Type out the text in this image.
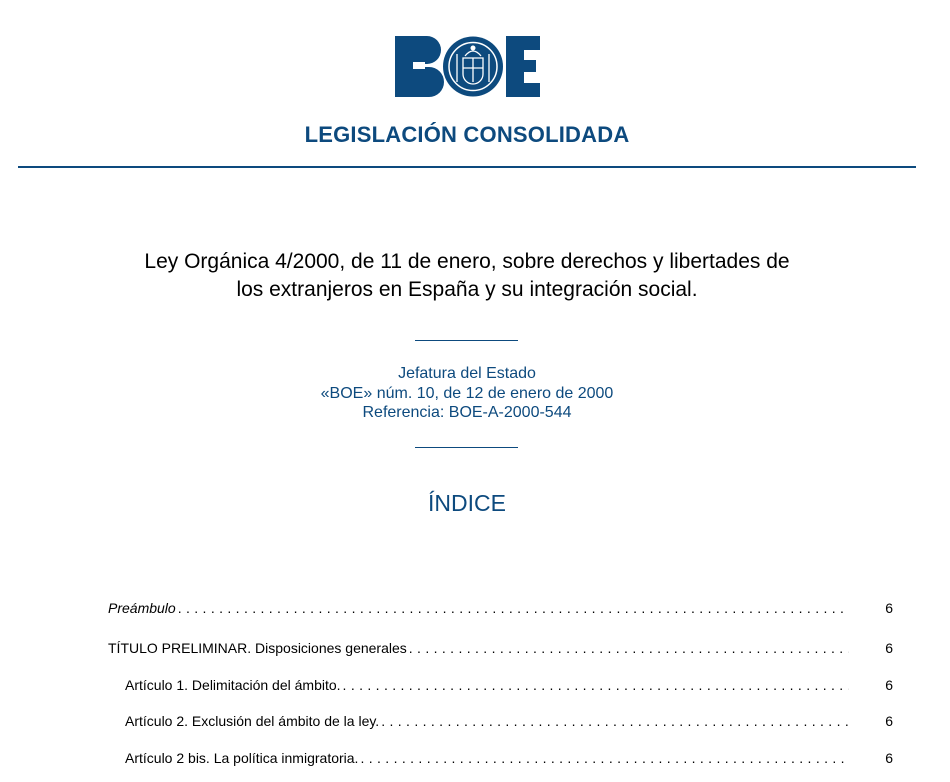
LEGISLACIÓN CONSOLIDADA
Ley Orgánica 4/2000, de 11 de enero, sobre derechos y libertades de
los extranjeros en España y su integración social.
Jefatura del Estado
«BOE» núm. 10, de 12 de enero de 2000
Referencia: BOE-A-2000-544
ÍNDICE
Preámbulo . . .	6
TÍTULO PRELIMINAR. Disposiciones generales . . .	6
Artículo 1. Delimitación del ámbito. . . .	6
Artículo 2. Exclusión del ámbito de la ley. . . .	6
Artículo 2 bis. La política inmigratoria. . . .	6
